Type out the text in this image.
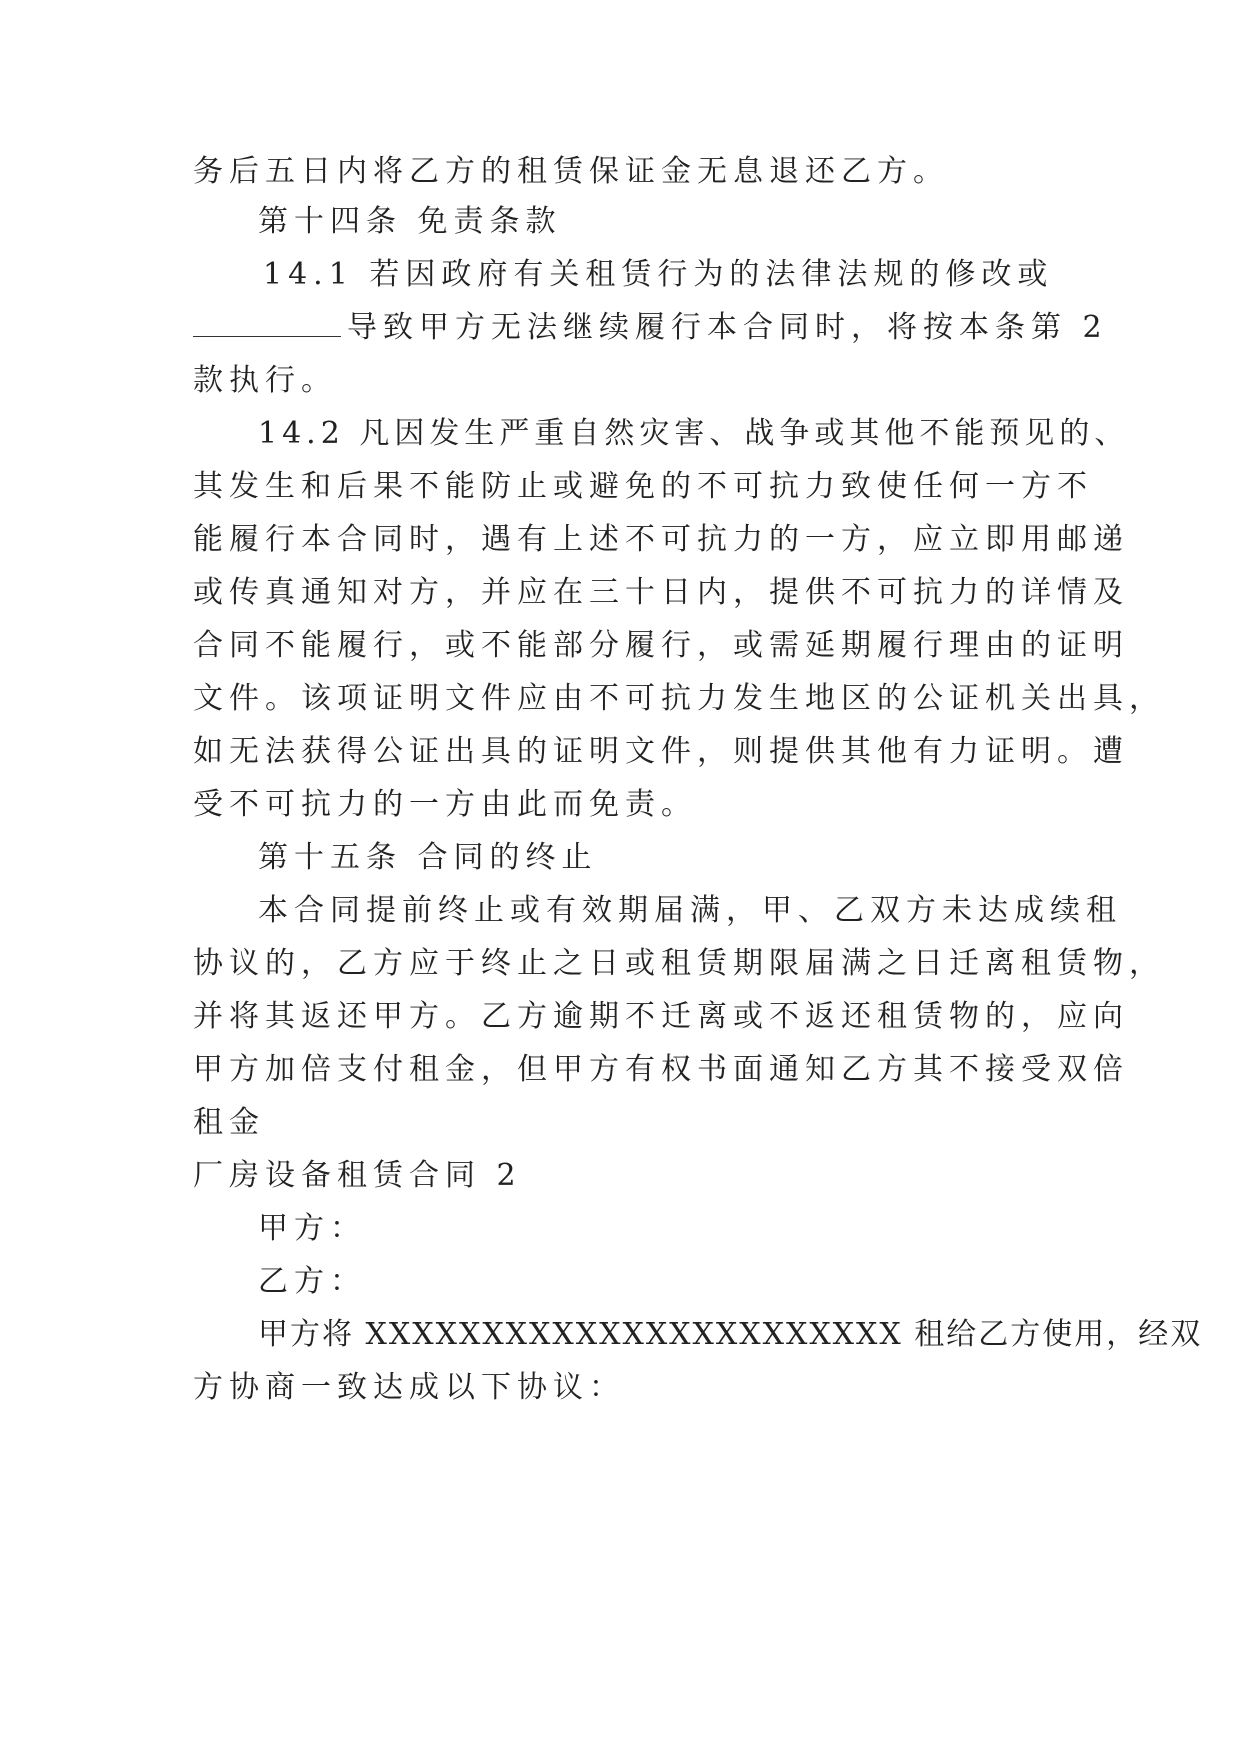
务后五日内将乙方的租赁保证金无息退还乙方。
第十四条 免责条款
14.1 若因政府有关租赁行为的法律法规的修改或
导致甲方无法继续履行本合同时，将按本条第 2
款执行。
14.2 凡因发生严重自然灾害、战争或其他不能预见的、
其发生和后果不能防止或避免的不可抗力致使任何一方不
能履行本合同时，遇有上述不可抗力的一方，应立即用邮递
或传真通知对方，并应在三十日内，提供不可抗力的详情及
合同不能履行，或不能部分履行，或需延期履行理由的证明
文件。该项证明文件应由不可抗力发生地区的公证机关出具，
如无法获得公证出具的证明文件，则提供其他有力证明。遭
受不可抗力的一方由此而免责。
第十五条 合同的终止
本合同提前终止或有效期届满，甲、乙双方未达成续租
协议的，乙方应于终止之日或租赁期限届满之日迁离租赁物，
并将其返还甲方。乙方逾期不迁离或不返还租赁物的，应向
甲方加倍支付租金，但甲方有权书面通知乙方其不接受双倍
租金
厂房设备租赁合同 2
甲方：
乙方：
甲方将 XXXXXXXXXXXXXXXXXXXXXXX 租给乙方使用，经双
方协商一致达成以下协议：
